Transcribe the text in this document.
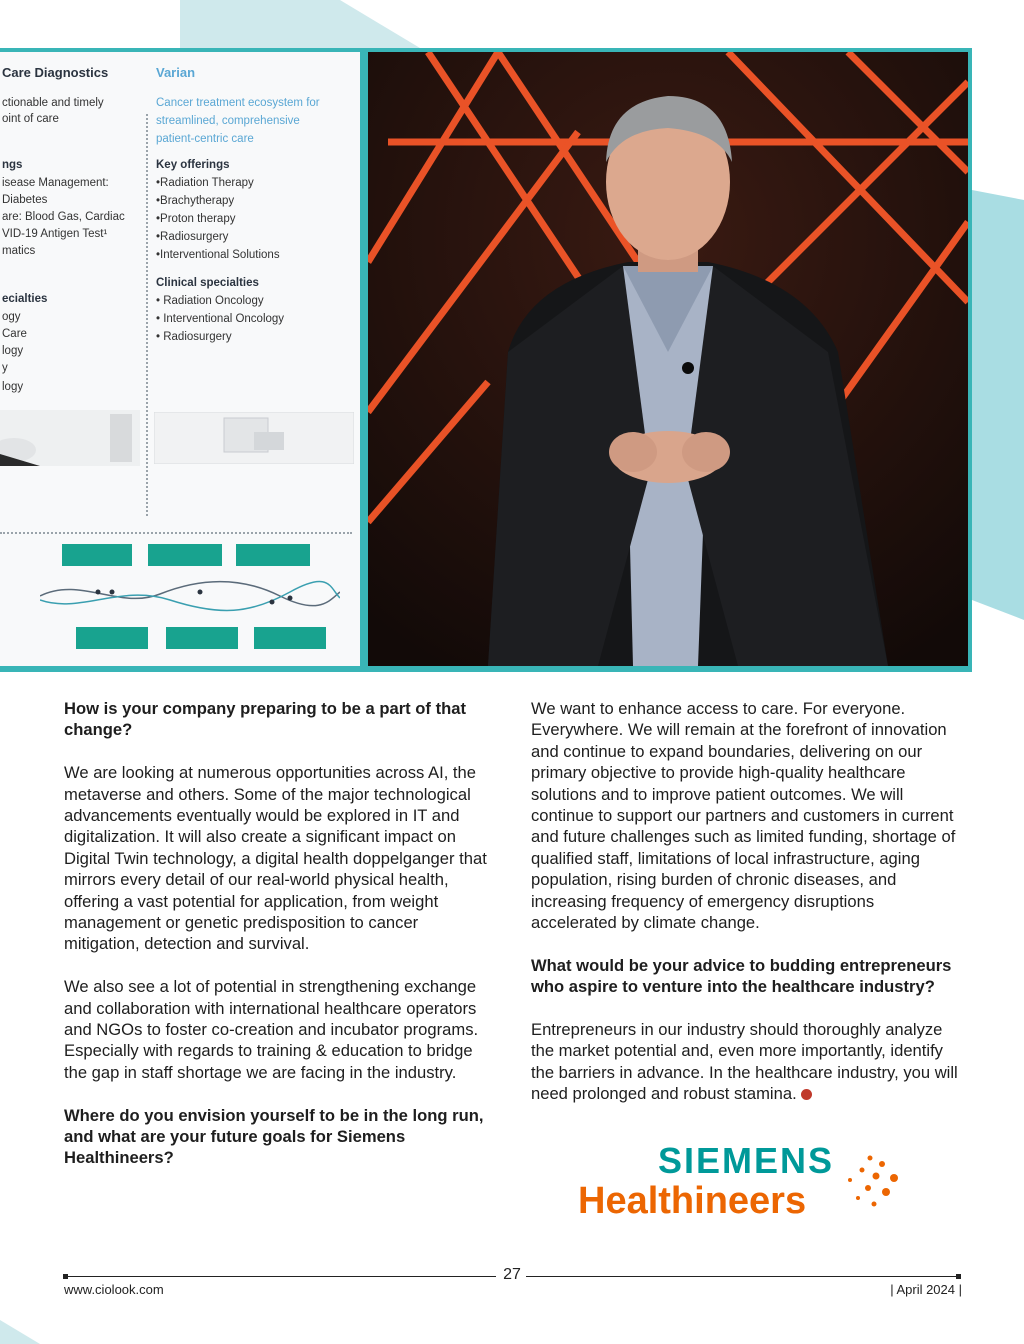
Care Diagnostics
ctionable and timely
oint of care
ngs
isease Management:
Diabetes
are: Blood Gas, Cardiac
VID-19 Antigen Test¹
matics
ecialties
ogy
Care
logy
y
logy
Varian
Cancer treatment ecosystem for
streamlined, comprehensive
patient-centric care
Key offerings
•Radiation Therapy
•Brachytherapy
•Proton therapy
•Radiosurgery
•Interventional Solutions
Clinical specialties
• Radiation Oncology
• Interventional Oncology
• Radiosurgery

How is your company preparing to be a part of that change?

We are looking at numerous opportunities across AI, the metaverse and others. Some of the major technological advancements eventually would be explored in IT and digitalization. It will also create a significant impact on Digital Twin technology, a digital health doppelganger that mirrors every detail of our real-world physical health, offering a vast potential for application, from weight management or genetic predisposition to cancer mitigation, detection and survival.

We also see a lot of potential in strengthening exchange and collaboration with international healthcare operators and NGOs to foster co-creation and incubator programs. Especially with regards to training & education to bridge the gap in staff shortage we are facing in the industry.

Where do you envision yourself to be in the long run, and what are your future goals for Siemens Healthineers?

We want to enhance access to care. For everyone. Everywhere. We will remain at the forefront of innovation and continue to expand boundaries, delivering on our primary objective to provide high-quality healthcare solutions and to improve patient outcomes. We will continue to support our partners and customers in current and future challenges such as limited funding, shortage of qualified staff, limitations of local infrastructure, aging population, rising burden of chronic diseases, and increasing frequency of emergency disruptions accelerated by climate change.

What would be your advice to budding entrepreneurs who aspire to venture into the healthcare industry?

Entrepreneurs in our industry should thoroughly analyze the market potential and, even more importantly, identify the barriers in advance. In the healthcare industry, you will need prolonged and robust stamina.

SIEMENS
Healthineers
27
www.ciolook.com	| April 2024 |
